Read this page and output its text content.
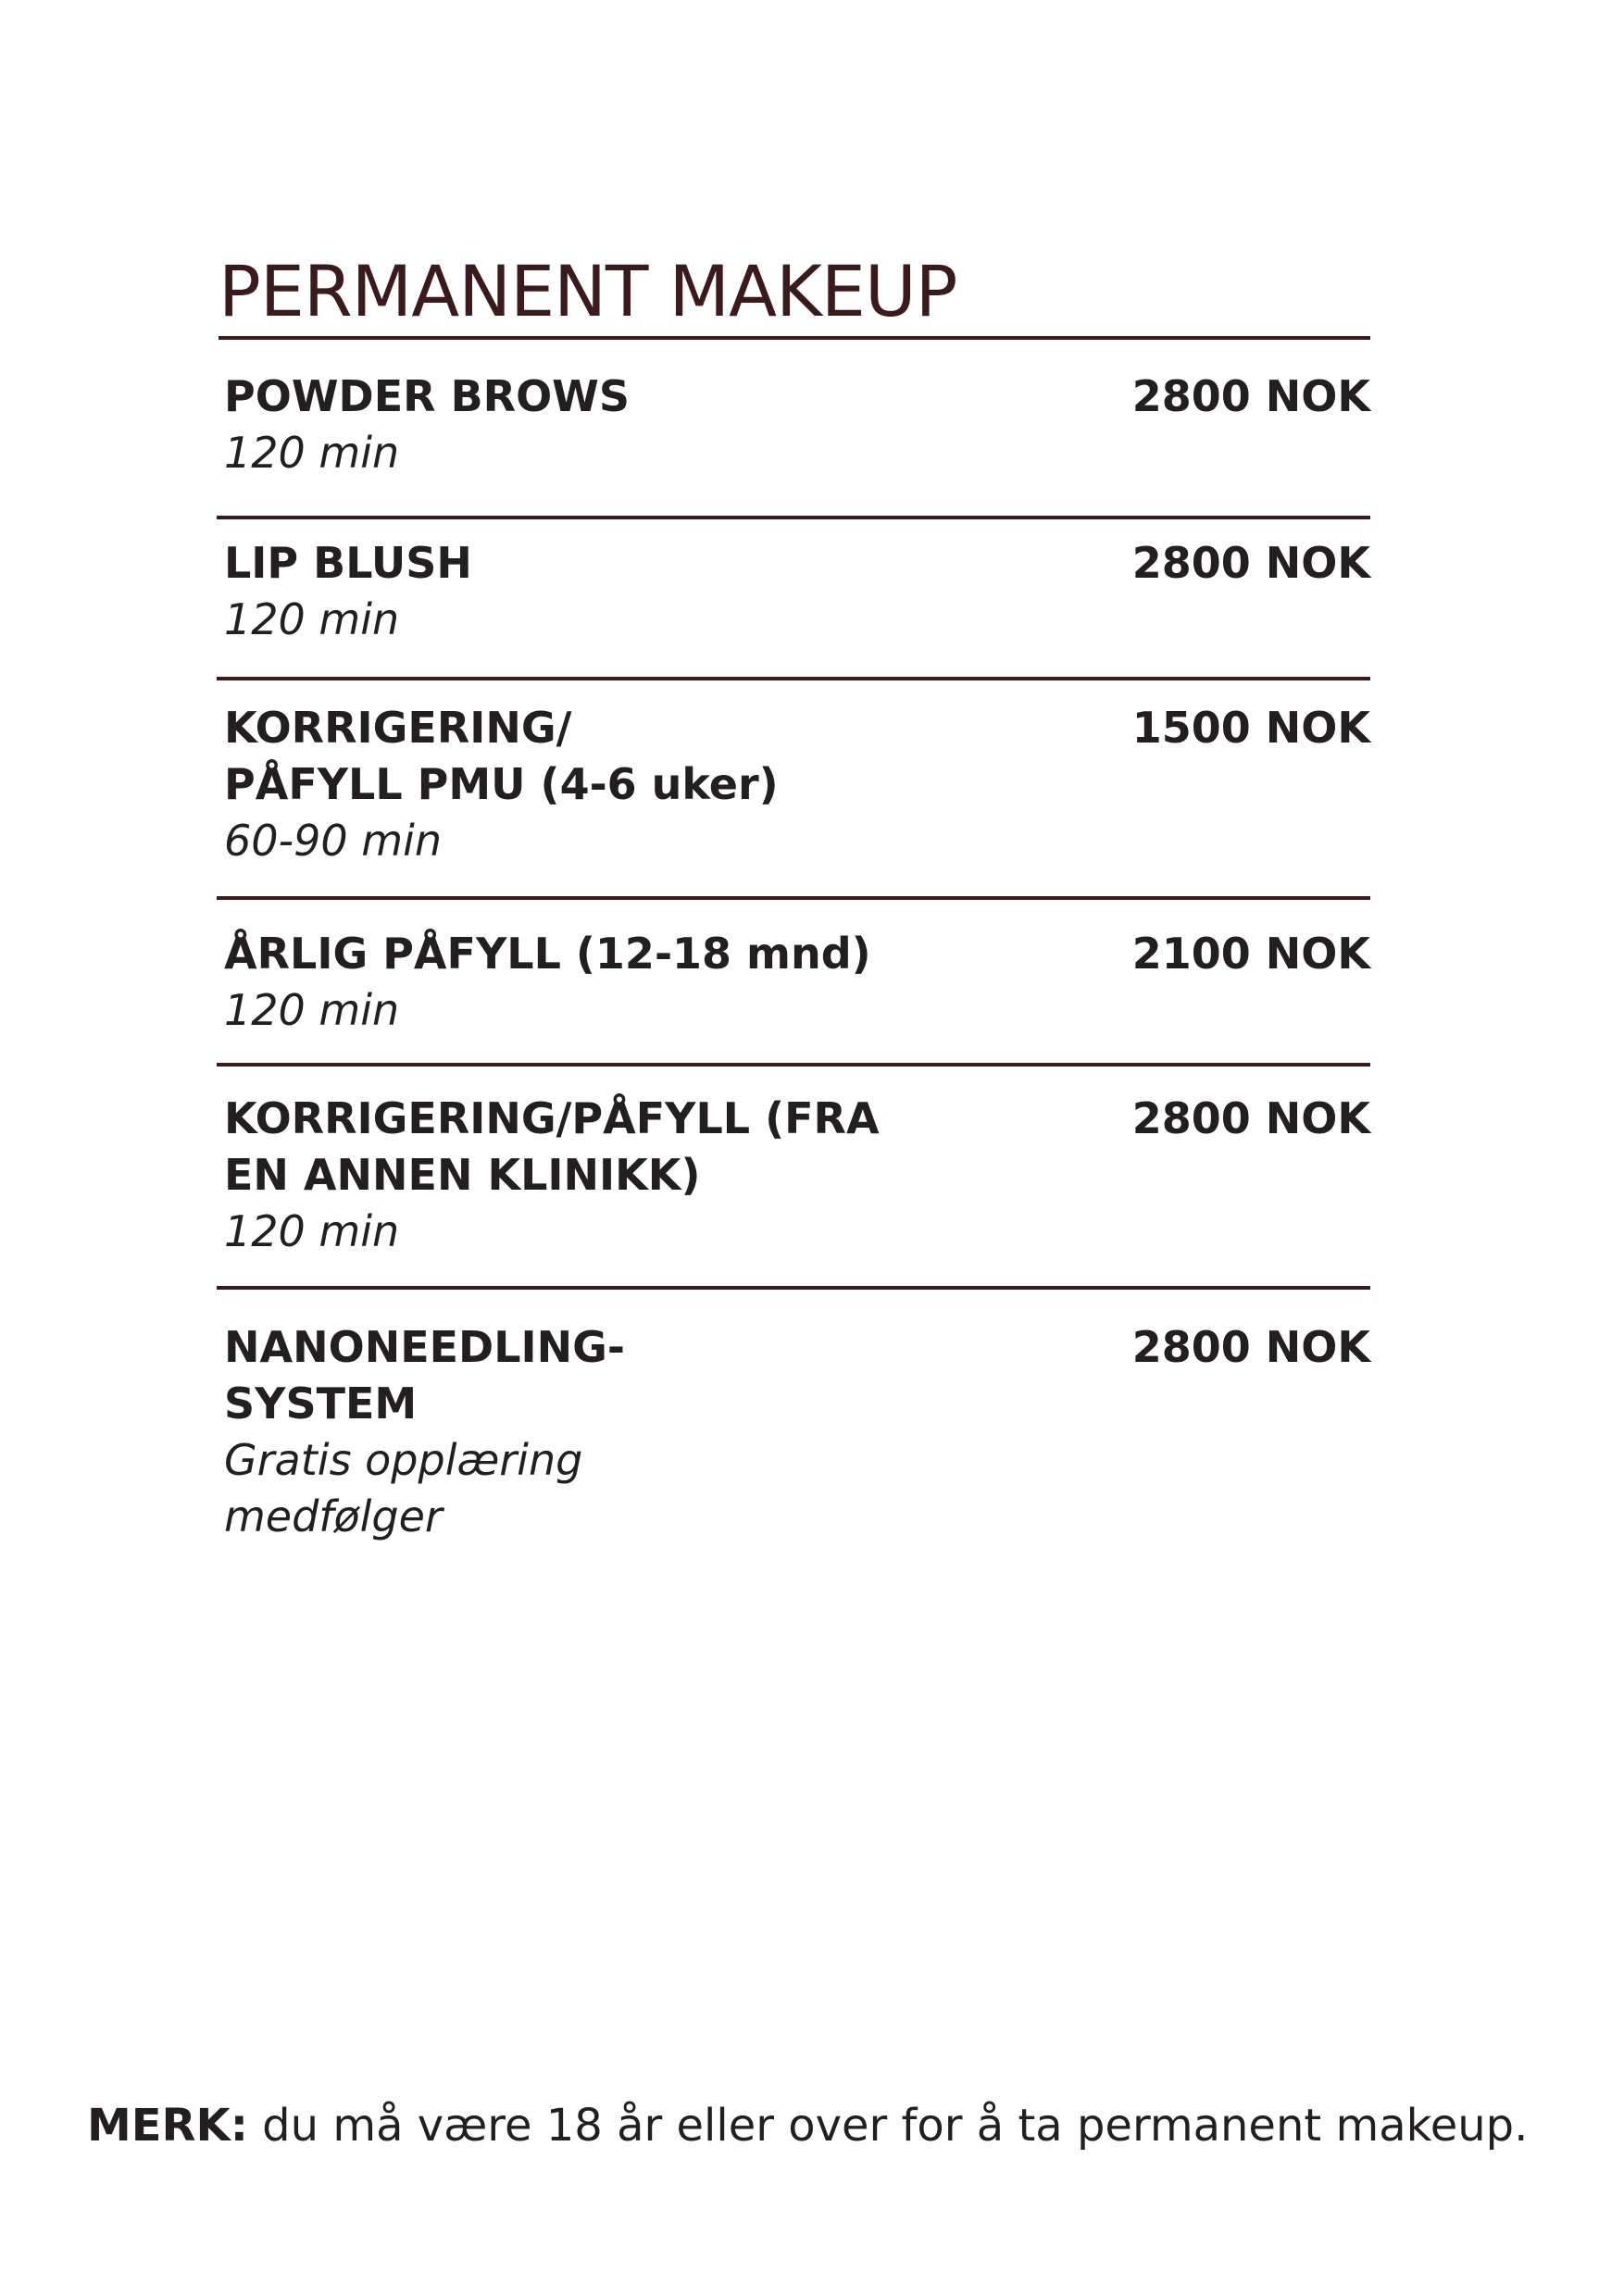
PERMANENT MAKEUP
POWDER BROWS
120 min
2800 NOK
LIP BLUSH
120 min
2800 NOK
KORRIGERING/
PÅFYLL PMU (4-6 uker)
60-90 min
1500 NOK
ÅRLIG PÅFYLL (12-18 mnd)
120 min
2100 NOK
KORRIGERING/PÅFYLL (FRA
EN ANNEN KLINIKK)
120 min
2800 NOK
NANONEEDLING-
SYSTEM
Gratis opplæring
medfølger
2800 NOK
MERK: du må være 18 år eller over for å ta permanent makeup.
